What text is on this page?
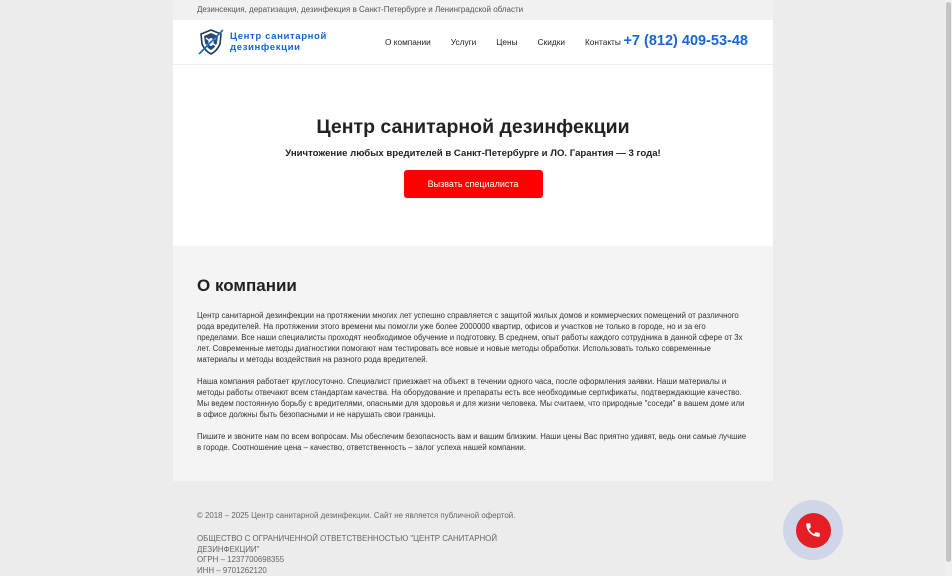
Дезинсекция, дератизация, дезинфекция в Санкт-Петербурге и Ленинградской области
Центр санитарной
дезинфекции	О компании Услуги Цены Скидки Контакты +7 (812) 409-53-48
Центр санитарной дезинфекции
Уничтожение любых вредителей в Санкт-Петербурге и ЛО. Гарантия — 3 года!
Вызвать специалиста
О компании

Центр санитарной дезинфекции на протяжении многих лет успешно справляется с защитой жилых домов и коммерческих помещений от различного рода вредителей. На протяжении этого времени мы помогли уже более 2000000 квартир, офисов и участков не только в городе, но и за его пределами. Все наши специалисты проходят необходимое обучение и подготовку. В среднем, опыт работы каждого сотрудника в данной сфере от 3х лет. Современные методы диагностики помогают нам тестировать все новые и новые методы обработки. Использовать только современные материалы и методы воздействия на разного рода вредителей.

Наша компания работает круглосуточно. Специалист приезжает на объект в течении одного часа, после оформления заявки. Наши материалы и методы работы отвечают всем стандартам качества. На оборудование и препараты есть все необходимые сертификаты, подтверждающие качество. Мы ведем постоянную борьбу с вредителями, опасными для здоровья и для жизни человека. Мы считаем, что природные "соседи" в вашем доме или в офисе должны быть безопасными и не нарушать свои границы.

Пишите и звоните нам по всем вопросам. Мы обеспечим безопасность вам и вашим близким. Наши цены Вас приятно удивят, ведь они самые лучшие в городе. Соотношение цена – качество, ответственность – залог успеха нашей компании.

© 2018 – 2025 Центр санитарной дезинфекции. Сайт не является публичной офертой.
ОБЩЕСТВО С ОГРАНИЧЕННОЙ ОТВЕТСТВЕННОСТЬЮ "ЦЕНТР САНИТАРНОЙ ДЕЗИНФЕКЦИИ"
ОГРН – 1237700698355
ИНН – 9701262120
